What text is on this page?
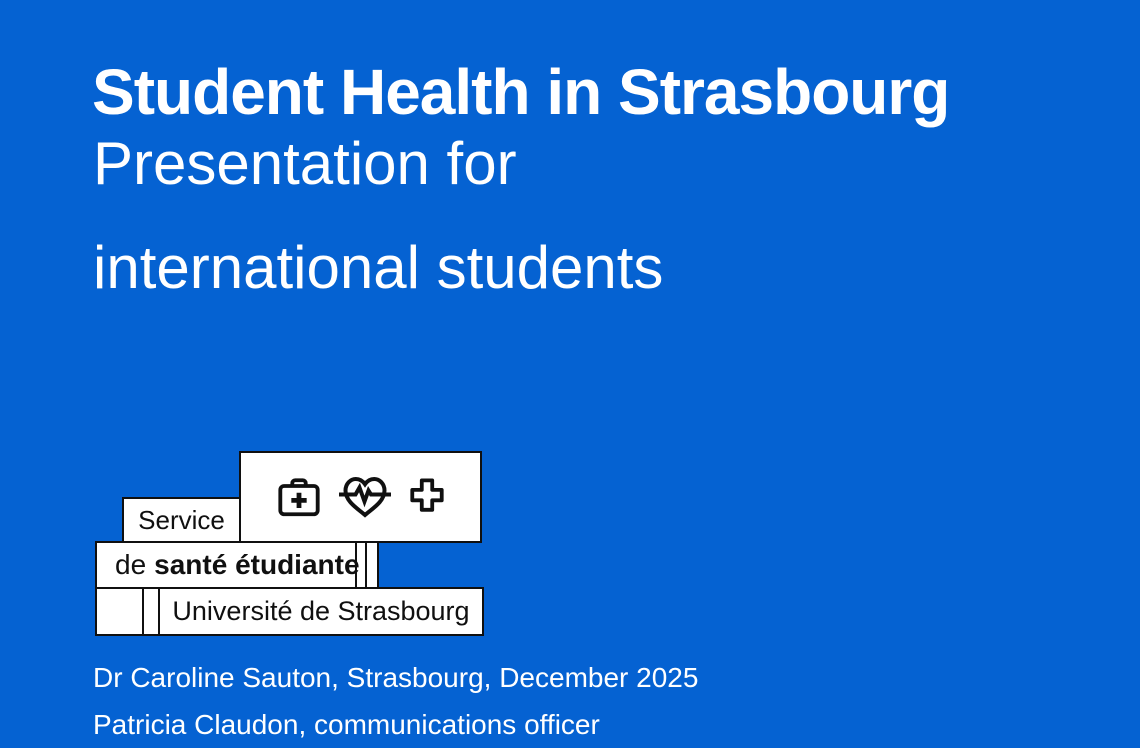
Student Health in Strasbourg
Presentation for
international students
Service
de santé étudiante
Université de Strasbourg
Dr Caroline Sauton, Strasbourg, December 2025
Patricia Claudon, communications officer
